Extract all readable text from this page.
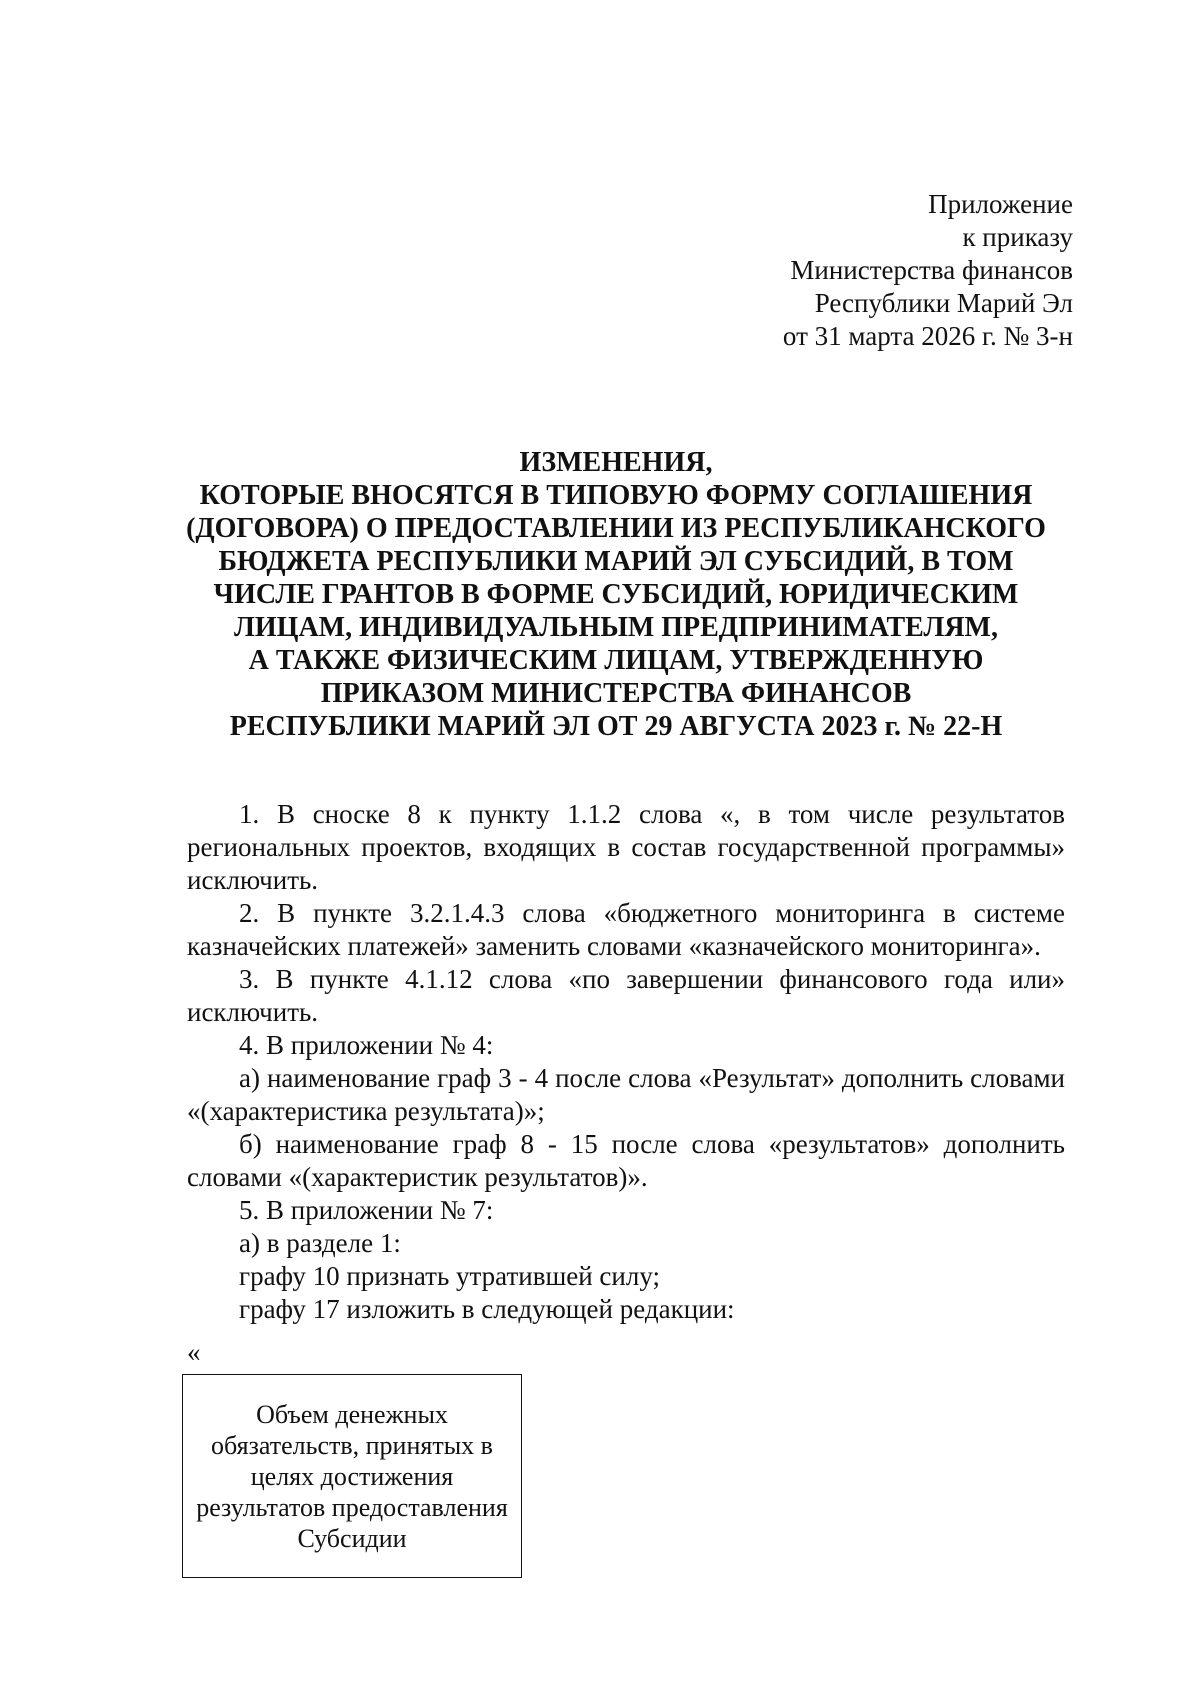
Приложение
к приказу
Министерства финансов
Республики Марий Эл
от 31 марта 2026 г. № 3-н
ИЗМЕНЕНИЯ,
КОТОРЫЕ ВНОСЯТСЯ В ТИПОВУЮ ФОРМУ СОГЛАШЕНИЯ
(ДОГОВОРА) О ПРЕДОСТАВЛЕНИИ ИЗ РЕСПУБЛИКАНСКОГО
БЮДЖЕТА РЕСПУБЛИКИ МАРИЙ ЭЛ СУБСИДИЙ, В ТОМ
ЧИСЛЕ ГРАНТОВ В ФОРМЕ СУБСИДИЙ, ЮРИДИЧЕСКИМ
ЛИЦАМ, ИНДИВИДУАЛЬНЫМ ПРЕДПРИНИМАТЕЛЯМ,
А ТАКЖЕ ФИЗИЧЕСКИМ ЛИЦАМ, УТВЕРЖДЕННУЮ
ПРИКАЗОМ МИНИСТЕРСТВА ФИНАНСОВ
РЕСПУБЛИКИ МАРИЙ ЭЛ ОТ 29 АВГУСТА 2023 г. № 22-Н

1. В сноске 8 к пункту 1.1.2 слова «, в том числе результатов региональных проектов, входящих в состав государственной программы» исключить.

2. В пункте 3.2.1.4.3 слова «бюджетного мониторинга в системе казначейских платежей» заменить словами «казначейского мониторинга».

3. В пункте 4.1.12 слова «по завершении финансового года или» исключить.

4. В приложении № 4:

а) наименование граф 3 - 4 после слова «Результат» дополнить словами «(характеристика результата)»;

б) наименование граф 8 - 15 после слова «результатов» дополнить словами «(характеристик результатов)».

5. В приложении № 7:

а) в разделе 1:

графу 10 признать утратившей силу;

графу 17 изложить в следующей редакции:

«
Объем денежных обязательств, принятых в целях достижения результатов предоставления Субсидии
